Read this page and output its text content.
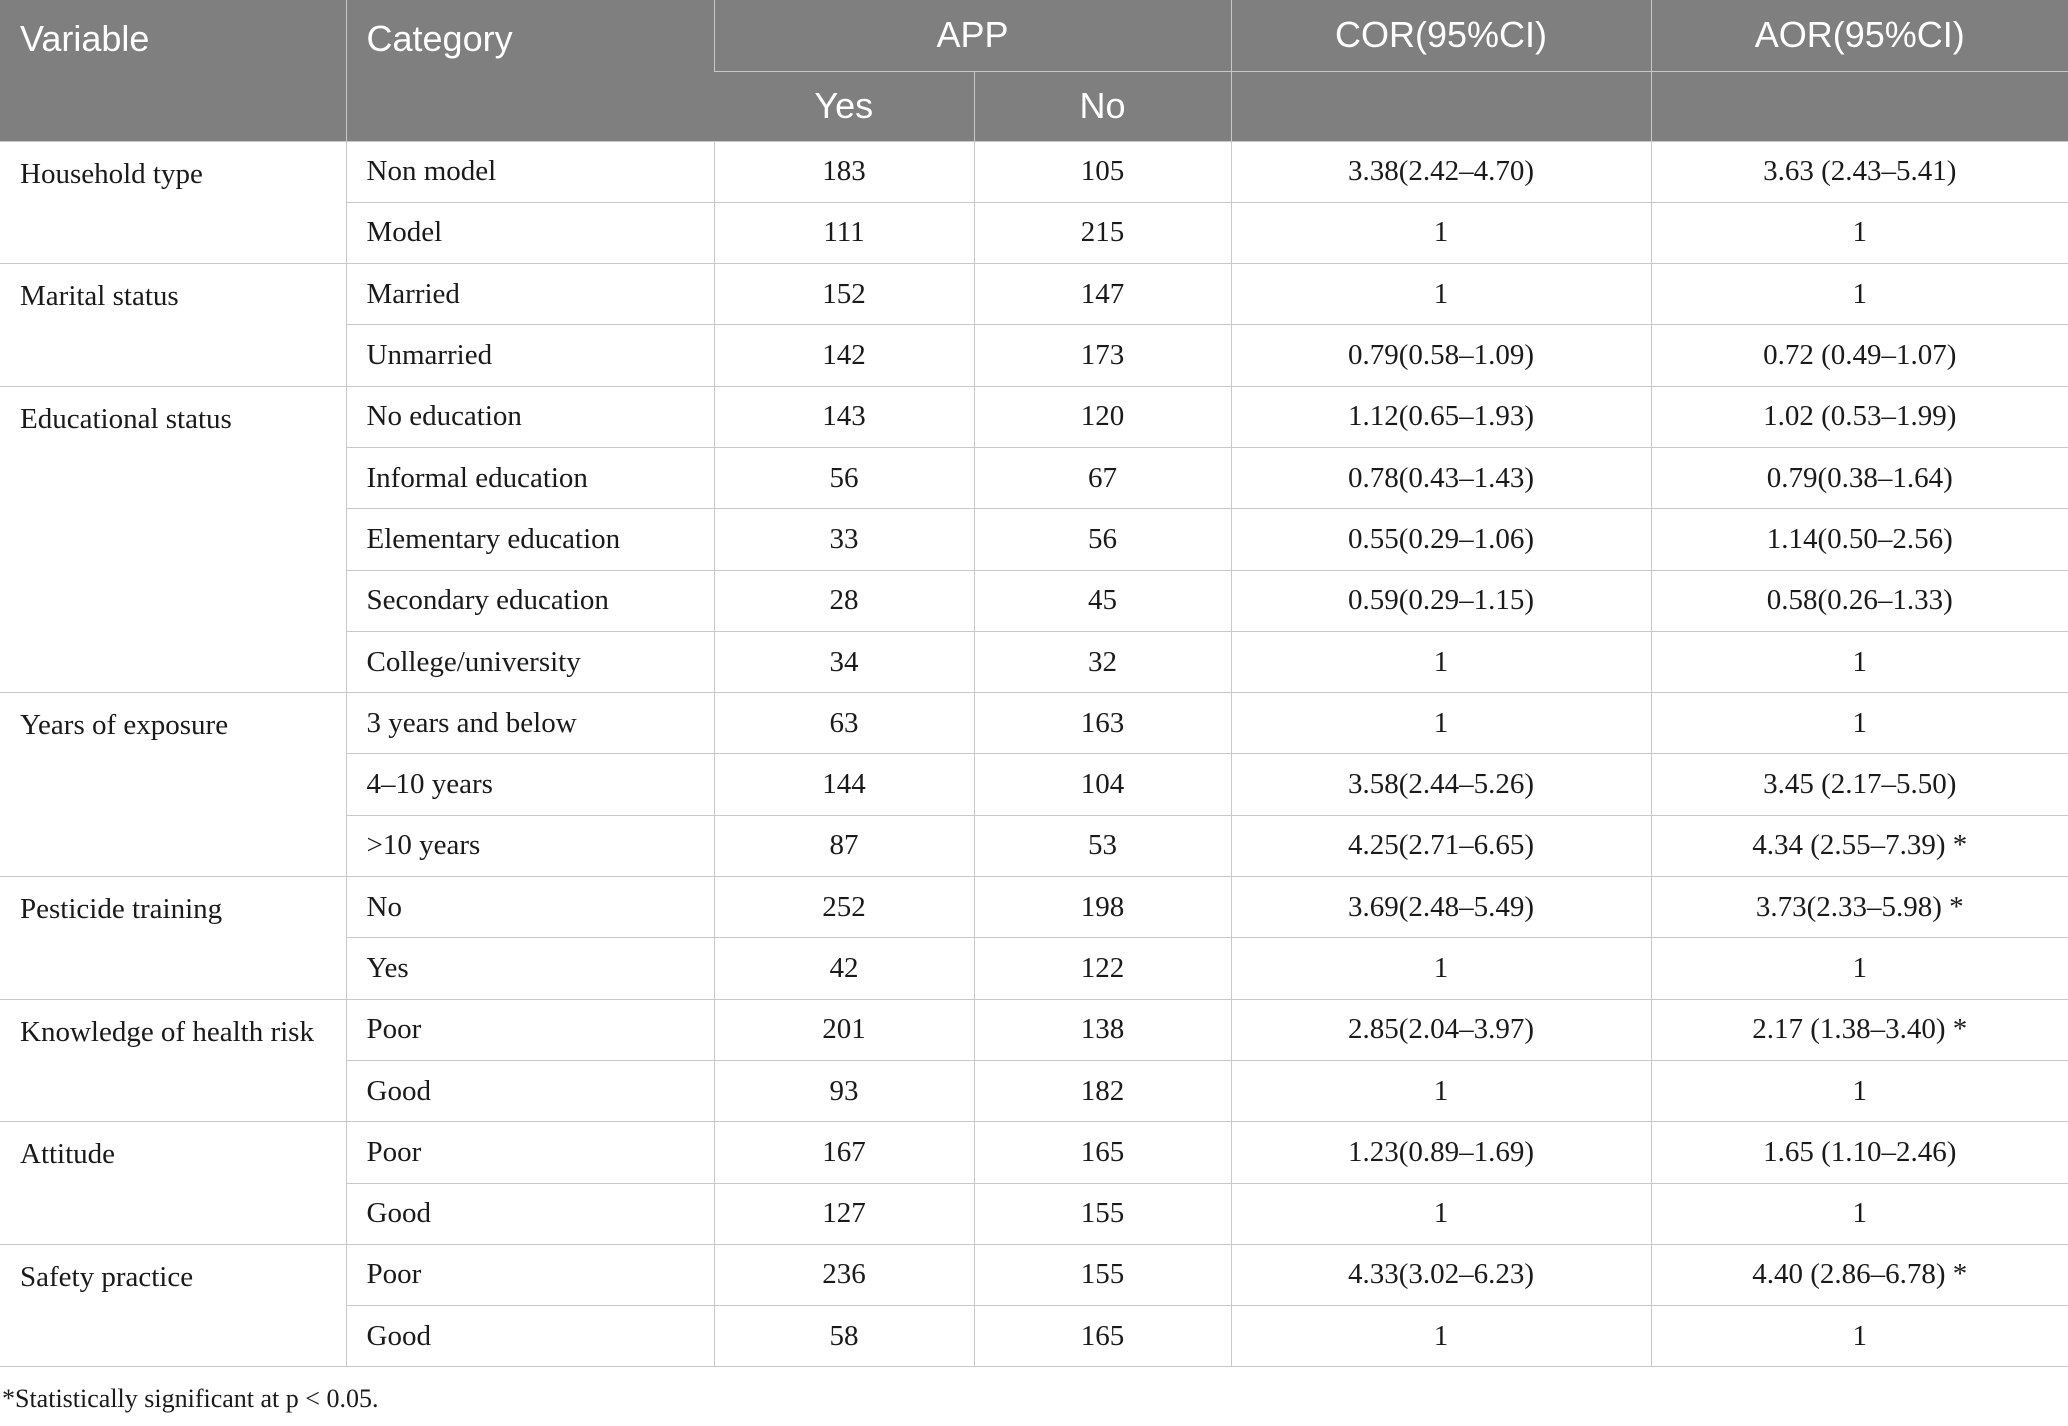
Variable	Category	APP		COR(95%CI)	AOR(95%CI)
		Yes	No		
Household type	Non model	183	105	3.38(2.42–4.70)	3.63 (2.43–5.41)
	Model	111	215	1	1
Marital status	Married	152	147	1	1
	Unmarried	142	173	0.79(0.58–1.09)	0.72 (0.49–1.07)
Educational status	No education	143	120	1.12(0.65–1.93)	1.02 (0.53–1.99)
	Informal education	56	67	0.78(0.43–1.43)	0.79(0.38–1.64)
	Elementary education	33	56	0.55(0.29–1.06)	1.14(0.50–2.56)
	Secondary education	28	45	0.59(0.29–1.15)	0.58(0.26–1.33)
	College/university	34	32	1	1
Years of exposure	3 years and below	63	163	1	1
	4–10 years	144	104	3.58(2.44–5.26)	3.45 (2.17–5.50)
	>10 years	87	53	4.25(2.71–6.65)	4.34 (2.55–7.39) *
Pesticide training	No	252	198	3.69(2.48–5.49)	3.73(2.33–5.98) *
	Yes	42	122	1	1
Knowledge of health risk	Poor	201	138	2.85(2.04–3.97)	2.17 (1.38–3.40) *
	Good	93	182	1	1
Attitude	Poor	167	165	1.23(0.89–1.69)	1.65 (1.10–2.46)
	Good	127	155	1	1
Safety practice	Poor	236	155	4.33(3.02–6.23)	4.40 (2.86–6.78) *
	Good	58	165	1	1
*Statistically significant at p < 0.05.
